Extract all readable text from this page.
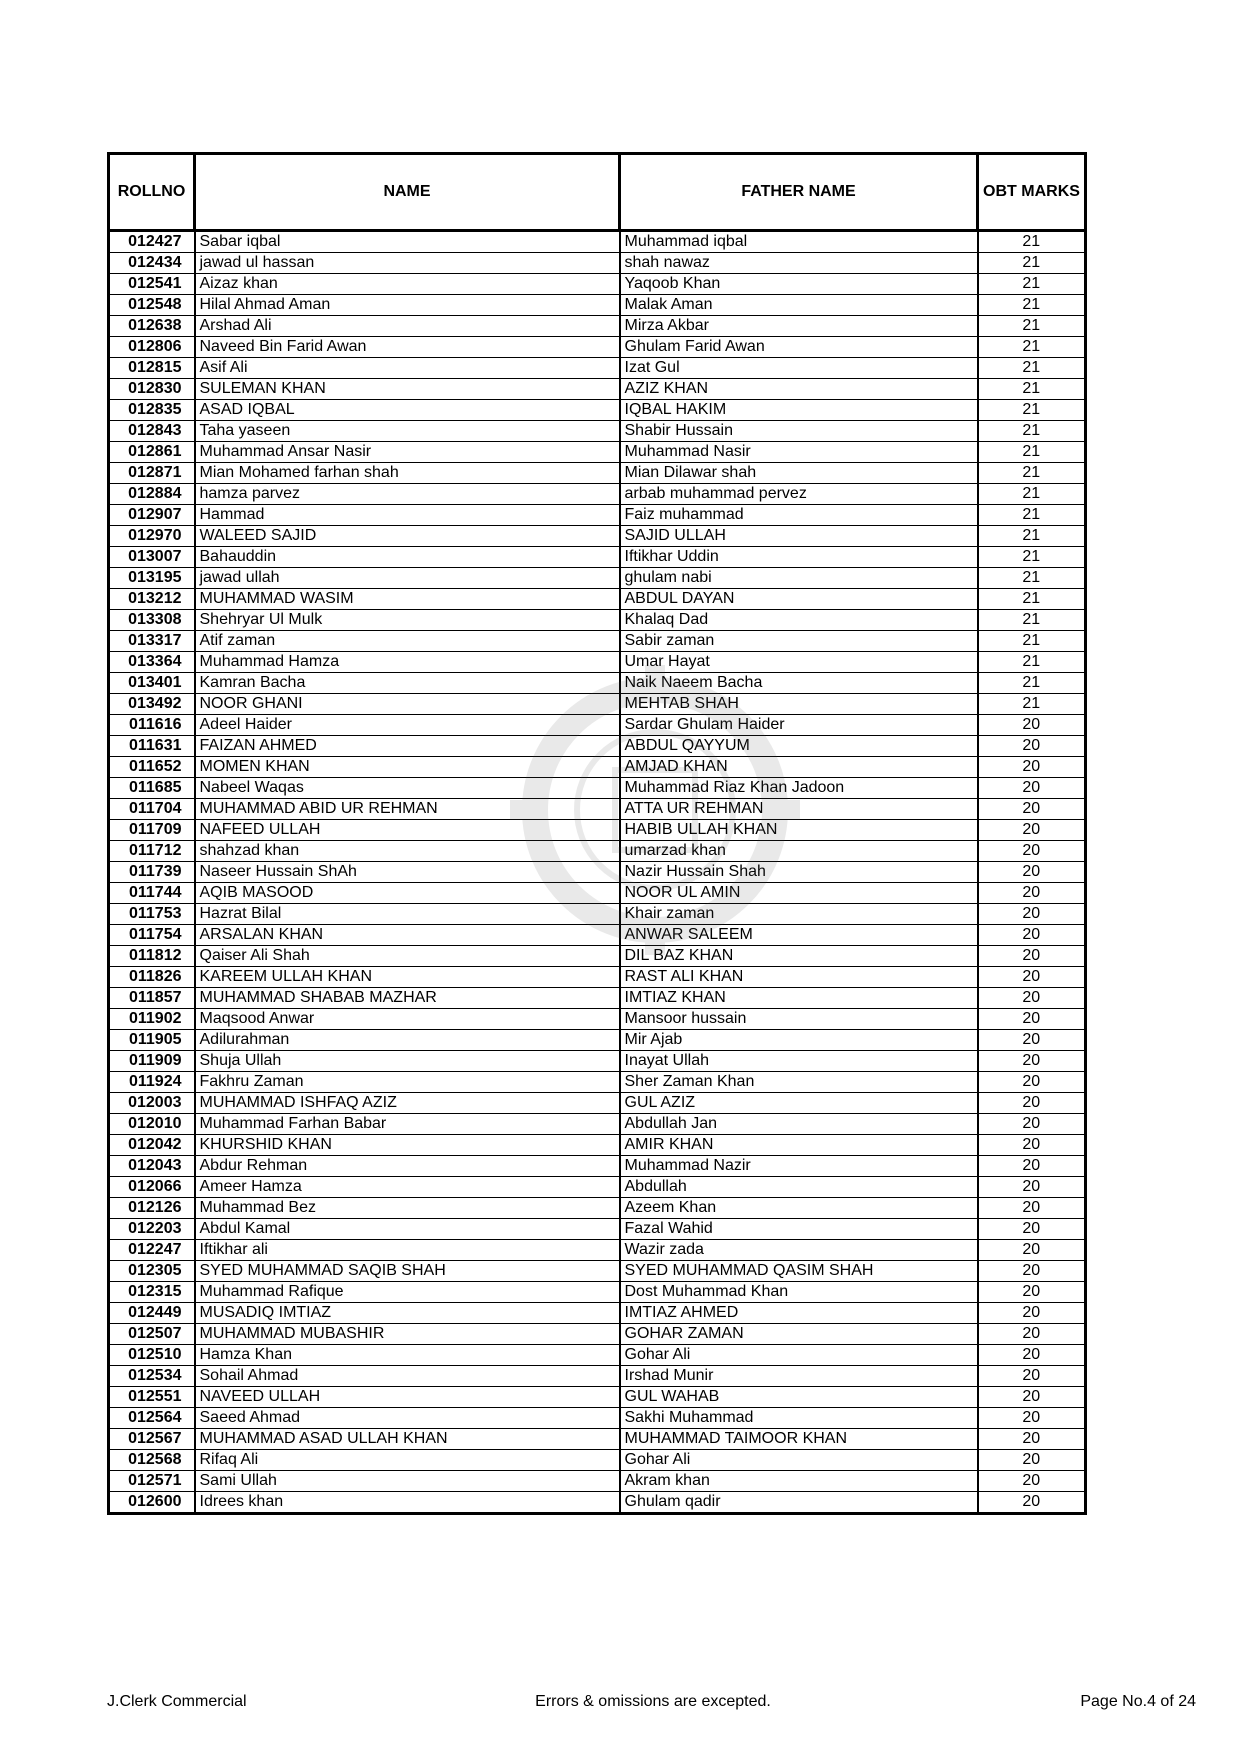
ROLLNO	NAME	FATHER NAME	OBT MARKS
012427	Sabar iqbal	Muhammad iqbal	21
012434	jawad ul hassan	shah nawaz	21
012541	Aizaz khan	Yaqoob Khan	21
012548	Hilal Ahmad Aman	Malak Aman	21
012638	Arshad Ali	Mirza Akbar	21
012806	Naveed Bin Farid Awan	Ghulam Farid Awan	21
012815	Asif Ali	Izat Gul	21
012830	SULEMAN KHAN	AZIZ KHAN	21
012835	ASAD IQBAL	IQBAL HAKIM	21
012843	Taha yaseen	Shabir Hussain	21
012861	Muhammad Ansar Nasir	Muhammad Nasir	21
012871	Mian Mohamed farhan shah	Mian Dilawar shah	21
012884	hamza parvez	arbab muhammad pervez	21
012907	Hammad	Faiz muhammad	21
012970	WALEED SAJID	SAJID ULLAH	21
013007	Bahauddin	Iftikhar Uddin	21
013195	jawad ullah	ghulam nabi	21
013212	MUHAMMAD WASIM	ABDUL DAYAN	21
013308	Shehryar Ul Mulk	Khalaq Dad	21
013317	Atif zaman	Sabir zaman	21
013364	Muhammad Hamza	Umar Hayat	21
013401	Kamran Bacha	Naik Naeem Bacha	21
013492	NOOR GHANI	MEHTAB SHAH	21
011616	Adeel Haider	Sardar Ghulam Haider	20
011631	FAIZAN AHMED	ABDUL QAYYUM	20
011652	MOMEN KHAN	AMJAD KHAN	20
011685	Nabeel Waqas	Muhammad Riaz Khan Jadoon	20
011704	MUHAMMAD ABID UR REHMAN	ATTA UR REHMAN	20
011709	NAFEED ULLAH	HABIB ULLAH KHAN	20
011712	shahzad khan	umarzad khan	20
011739	Naseer Hussain ShAh	Nazir Hussain Shah	20
011744	AQIB MASOOD	NOOR UL AMIN	20
011753	Hazrat Bilal	Khair zaman	20
011754	ARSALAN KHAN	ANWAR SALEEM	20
011812	Qaiser Ali Shah	DIL BAZ KHAN	20
011826	KAREEM ULLAH KHAN	RAST ALI KHAN	20
011857	MUHAMMAD SHABAB MAZHAR	IMTIAZ KHAN	20
011902	Maqsood Anwar	Mansoor hussain	20
011905	Adilurahman	Mir Ajab	20
011909	Shuja Ullah	Inayat Ullah	20
011924	Fakhru Zaman	Sher Zaman Khan	20
012003	MUHAMMAD ISHFAQ AZIZ	GUL AZIZ	20
012010	Muhammad Farhan Babar	Abdullah Jan	20
012042	KHURSHID KHAN	AMIR KHAN	20
012043	Abdur Rehman	Muhammad Nazir	20
012066	Ameer Hamza	Abdullah	20
012126	Muhammad Bez	Azeem Khan	20
012203	Abdul Kamal	Fazal Wahid	20
012247	Iftikhar ali	Wazir zada	20
012305	SYED MUHAMMAD SAQIB SHAH	SYED MUHAMMAD QASIM SHAH	20
012315	Muhammad Rafique	Dost Muhammad Khan	20
012449	MUSADIQ IMTIAZ	IMTIAZ AHMED	20
012507	MUHAMMAD MUBASHIR	GOHAR ZAMAN	20
012510	Hamza Khan	Gohar Ali	20
012534	Sohail Ahmad	Irshad Munir	20
012551	NAVEED ULLAH	GUL WAHAB	20
012564	Saeed Ahmad	Sakhi Muhammad	20
012567	MUHAMMAD ASAD ULLAH KHAN	MUHAMMAD TAIMOOR KHAN	20
012568	Rifaq Ali	Gohar Ali	20
012571	Sami Ullah	Akram khan	20
012600	Idrees khan	Ghulam qadir	20
J.Clerk Commercial	Errors & omissions are excepted.	Page No.4 of 24
